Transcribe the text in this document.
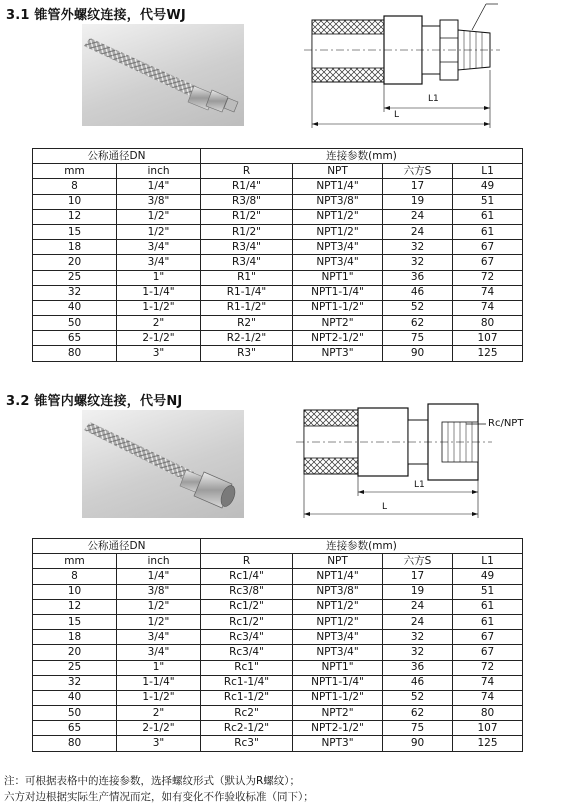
3.1 锥管外螺纹连接，代号WJ
L1
L
公称通径DN		连接参数(mm)			
mm	inch	R	NPT	六方S	L1
8	1/4"	R1/4"	NPT1/4"	17	49
10	3/8"	R3/8"	NPT3/8"	19	51
12	1/2"	R1/2"	NPT1/2"	24	61
15	1/2"	R1/2"	NPT1/2"	24	61
18	3/4"	R3/4"	NPT3/4"	32	67
20	3/4"	R3/4"	NPT3/4"	32	67
25	1"	R1"	NPT1"	36	72
32	1-1/4"	R1-1/4"	NPT1-1/4"	46	74
40	1-1/2"	R1-1/2"	NPT1-1/2"	52	74
50	2"	R2"	NPT2"	62	80
65	2-1/2"	R2-1/2"	NPT2-1/2"	75	107
80	3"	R3"	NPT3"	90	125
3.2 锥管内螺纹连接，代号NJ
Rc/NPT
L1
L
公称通径DN		连接参数(mm)			
mm	inch	R	NPT	六方S	L1
8	1/4"	Rc1/4"	NPT1/4"	17	49
10	3/8"	Rc3/8"	NPT3/8"	19	51
12	1/2"	Rc1/2"	NPT1/2"	24	61
15	1/2"	Rc1/2"	NPT1/2"	24	61
18	3/4"	Rc3/4"	NPT3/4"	32	67
20	3/4"	Rc3/4"	NPT3/4"	32	67
25	1"	Rc1"	NPT1"	36	72
32	1-1/4"	Rc1-1/4"	NPT1-1/4"	46	74
40	1-1/2"	Rc1-1/2"	NPT1-1/2"	52	74
50	2"	Rc2"	NPT2"	62	80
65	2-1/2"	Rc2-1/2"	NPT2-1/2"	75	107
80	3"	Rc3"	NPT3"	90	125
注：可根据表格中的连接参数，选择螺纹形式（默认为R螺纹）；
六方对边根据实际生产情况而定，如有变化不作验收标准（同下）；
